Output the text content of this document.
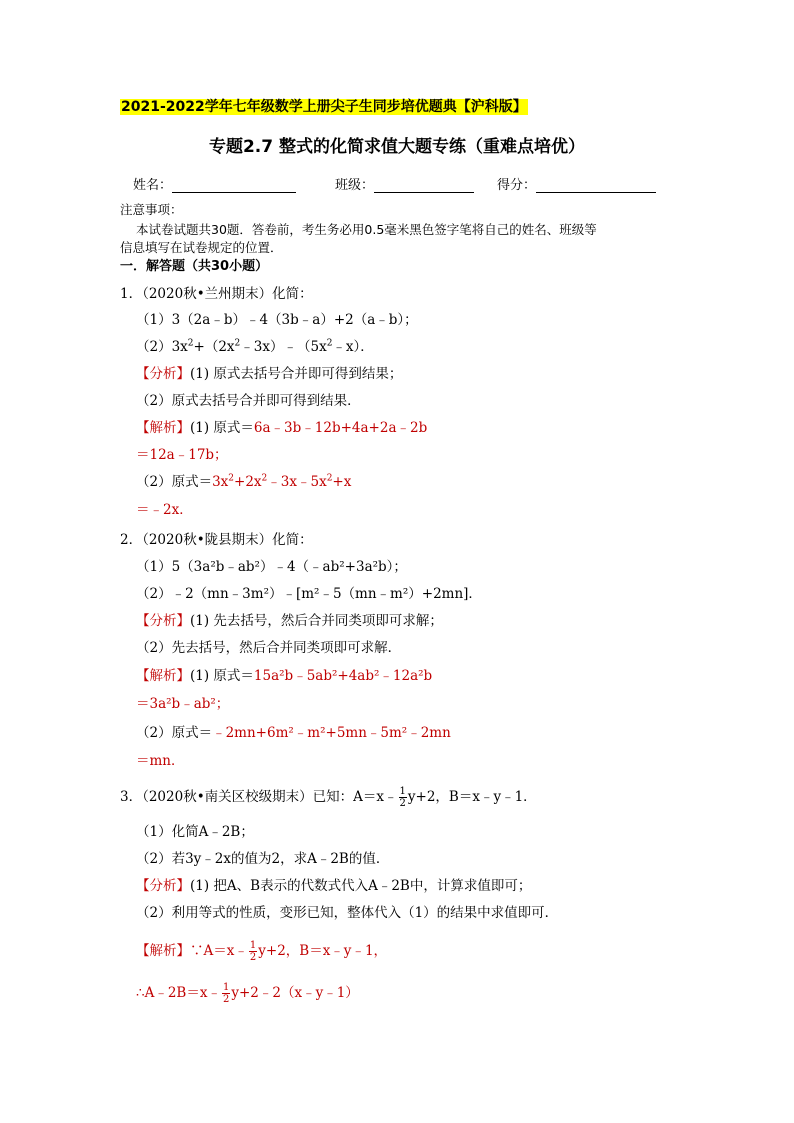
2021-2022学年七年级数学上册尖子生同步培优题典【沪科版】
专题2.7 整式的化简求值大题专练（重难点培优）
姓名：	班级：	得分：
注意事项：
本试卷试题共30题．答卷前，考生务必用0.5毫米黑色签字笔将自己的姓名、班级等
信息填写在试卷规定的位置．
一．解答题（共30小题）
1．（2020秋•兰州期末）化简：
（1）3（2a﹣b）﹣4（3b﹣a）+2（a﹣b）；
$(2)3x^2+(2x^2﹣3x)﹣(5x^2﹣x)$．
【分析】(1) 原式去括号合并即可得到结果；
（2）原式去括号合并即可得到结果．
【解析】(1) 原式＝6a﹣3b﹣12b+4a+2a﹣2b
＝12a﹣17b；
（2）原式$=3x^2+2x^2﹣3x﹣5x^2+x$
＝﹣2x．
2．（2020秋•陇县期末）化简：
（1）5（3a²b﹣ab²）﹣4（﹣ab²+3a²b）；
（2）﹣2（mn﹣3m²）﹣[m²﹣5（mn﹣m²）+2mn]．
【分析】(1) 先去括号，然后合并同类项即可求解；
（2）先去括号，然后合并同类项即可求解．
【解析】(1) 原式＝15a²b﹣5ab²+4ab²﹣12a²b
＝3a²b﹣ab²；
（2）原式＝﹣2mn+6m²﹣m²+5mn﹣5m²﹣2mn
＝mn．
3．（2020秋•南关区校级期末）已知：A＝x﹣ $\frac{1}{2} y+2$，B＝x﹣y﹣1．
（1）化简A﹣2B；
（2）若3y﹣2x的值为2，求A﹣2B的值．
【分析】(1) 把A、B表示的代数式代入A﹣2B中，计算求值即可；
（2）利用等式的性质，变形已知，整体代入（1）的结果中求值即可．
【解析】∵A＝x﹣ $\frac{1}{2} y+2$，B＝x﹣y﹣1，
∴A﹣2B＝x﹣ $\frac{1}{2}$ y+2﹣2（x﹣y﹣1）
